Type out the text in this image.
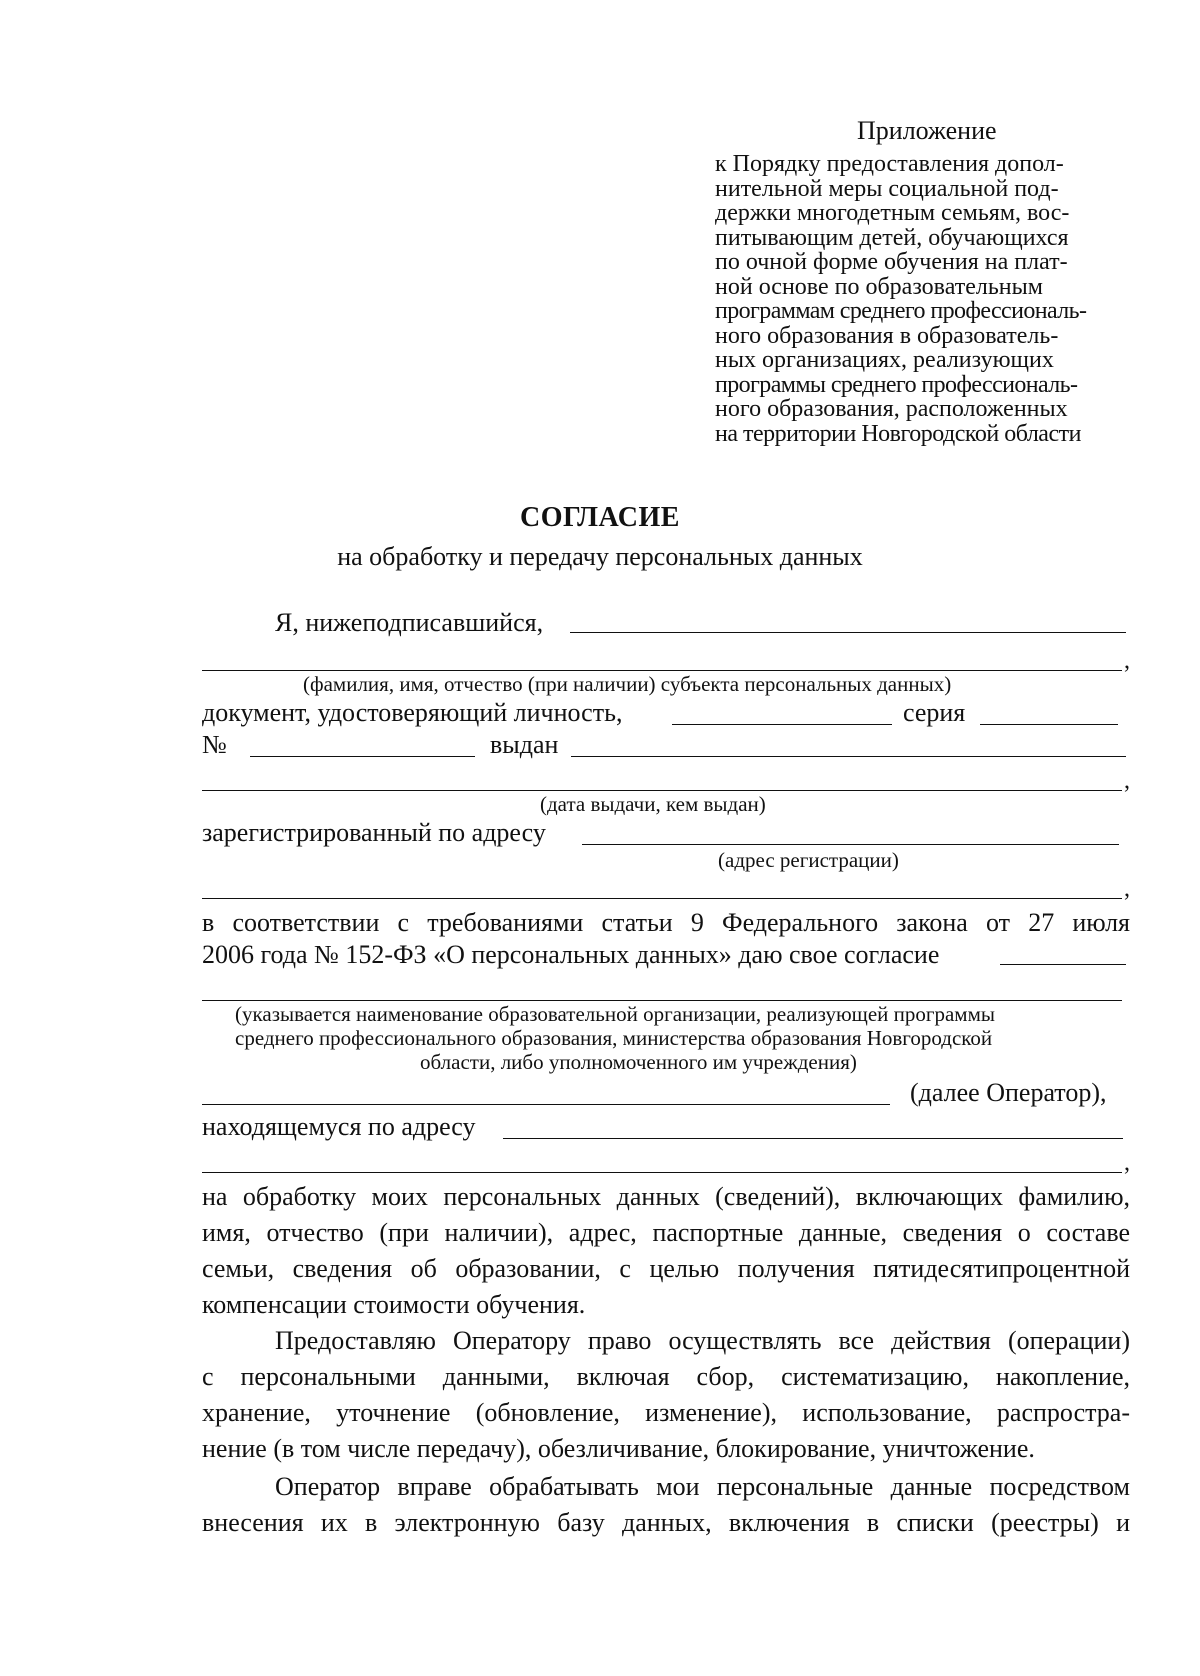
Приложение
к Порядку предоставления допол-
нительной меры социальной под-
держки многодетным семьям, вос-
питывающим детей, обучающихся
по очной форме обучения на плат-
ной основе по образовательным
программам среднего профессиональ-
ного образования в образователь-
ных организациях, реализующих
программы среднего профессиональ-
ного образования, расположенных
на территории Новгородской области
СОГЛАСИЕ
на обработку и передачу персональных данных
Я, нижеподписавшийся,
,
(фамилия, имя, отчество (при наличии) субъекта персональных данных)
документ, удостоверяющий личность,	серия
№	выдан
,
(дата выдачи, кем выдан)
зарегистрированный по адресу
(адрес регистрации)
,
в соответствии с требованиями статьи 9 Федерального закона от 27 июля
2006 года № 152-ФЗ «О персональных данных» даю свое согласие
(указывается наименование образовательной организации, реализующей программы
среднего профессионального образования, министерства образования Новгородской
области, либо уполномоченного им учреждения)
(далее Оператор),
находящемуся по адресу
,
на обработку моих персональных данных (сведений), включающих фамилию,
имя, отчество (при наличии), адрес, паспортные данные, сведения о составе
семьи, сведения об образовании, с целью получения пятидесятипроцентной
компенсации стоимости обучения.
Предоставляю Оператору право осуществлять все действия (операции)
с персональными данными, включая сбор, систематизацию, накопление,
хранение, уточнение (обновление, изменение), использование, распростра-
нение (в том числе передачу), обезличивание, блокирование, уничтожение.
Оператор вправе обрабатывать мои персональные данные посредством
внесения их в электронную базу данных, включения в списки (реестры) и
